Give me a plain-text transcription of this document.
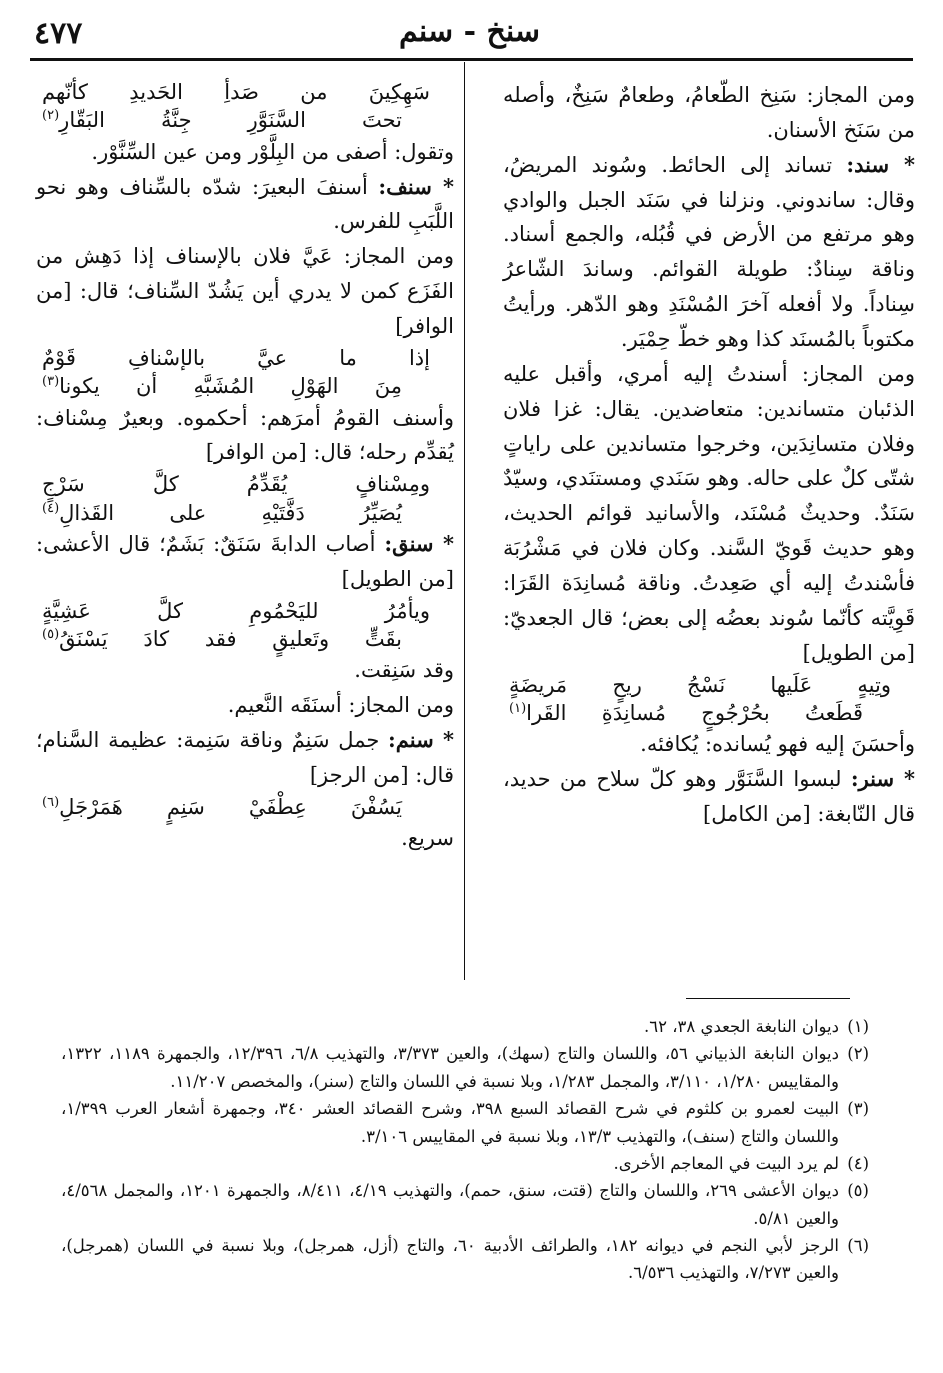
٤٧٧	سنخ - سنم

ومن المجاز: سَنِخ الطّعامُ، وطعامٌ سَنِخٌ، وأصله من سَنَخ الأسنان.

* سند: تساند إلى الحائط. وسُوند المريضُ، وقال: ساندوني. ونزلنا في سَنَد الجبل والوادي وهو مرتفع من الأرض في قُبُله، والجمع أسناد. وناقة سِنادٌ: طويلة القوائم. وساندَ الشّاعرُ سِناداً. ولا أفعله آخرَ المُسْنَدِ وهو الدّهر. ورأيتُ مكتوباً بالمُسنَد كذا وهو خطّ حِمْيَر.

ومن المجاز: أسندتُ إليه أمري، وأقبل عليه الذئبان متساندين: متعاضدين. يقال: غزا فلان وفلان متسانِدَين، وخرجوا متساندين على راياتٍ شتّى كلٌ على حاله. وهو سَنَدي ومستنَدي، وسيّدٌ سَنَدٌ. وحديثٌ مُسْنَد، والأسانيد قوائم الحديث، وهو حديث قَويّ السَّند. وكان فلان في مَشْرُبَة فأسْندتُ إليه أي صَعِدتُ. وناقة مُسانِدَة القَرَا: قَوِيَّته كأنّما سُوند بعضُه إلى بعض؛ قال الجعديّ: [من الطويل]

وتِيهٍ
عَلَيها
نَسْجُ
ريحٍ
مَريضَةٍ
قَطَعتُ
بحُرْجُوجٍ
مُسانِدَةِ
القَرا$^{(١)}$

وأحسَنَ إليه فهو يُسانده: يُكافئه.

* سنر: لبسوا السَّنَوَّر وهو كلّ سلاح من حديد، قال النّابغة: [من الكامل]

سَهِكِينَ
من
صَدأِ
الحَديدِ
كأنّهم
تحتَ
السَّنَوَّرِ
جِنَّةُ
البَقّارِ$^{(٢)}$

وتقول: أصفى من البِلَّوْر ومن عين السِّنَّوْر.

* سنف: أسنفَ البعيرَ: شدّه بالسِّناف وهو نحو اللَّبَبِ للفرس.

ومن المجاز: عَيَّ فلان بالإسناف إذا دَهِش من الفَزَع كمن لا يدري أين يَشُدّ السِّناف؛ قال: [من الوافر]

إذا
ما
عيَّ
بالإسْنافِ
قَوْمٌ
مِنَ
الهَوْلِ
المُشَبَّهِ
أن
يكونا$^{(٣)}$

وأسنف القومُ أمرَهم: أحكموه. وبعيرٌ مِسْناف: يُقدِّم رحله؛ قال: [من الوافر]

ومِسْنافٍ
يُقَدِّمُ
كلَّ
سَرْجٍ
يُصَيِّرُ
دَفَّتَيْهِ
على
القَذالِ$^{(٤)}$

* سنق: أصاب الدابةَ سَنَقٌ: بَشَمٌ؛ قال الأعشى: [من الطويل]

ويأمُرُ
لليَحْمُومِ
كلَّ
عَشِيَّةٍ
بقَتٍّ
وتَعليقٍ
فقد
كادَ
يَسْنَقُ$^{(٥)}$

وقد سَنِقت.

ومن المجاز: أسنَقَه النَّعيم.

* سنم: جمل سَنِمٌ وناقة سَنِمة: عظيمة السَّنام؛ قال: [من الرجز]

يَسُفْنَ
عِطْفَيْ
سَنِمٍ
هَمَرْجَلِ$^{(٦)}$

سريع.

(١)ديوان النابغة الجعدي ٣٨، ٦٢.

(٢)ديوان النابغة الذبياني ٥٦، واللسان والتاج (سهك)، والعين ٣/٣٧٣، والتهذيب ٦/٨، ١٢/٣٩٦، والجمهرة ١١٨٩، ١٣٢٢، والمقاييس ١/٢٨٠، ٣/١١٠، والمجمل ١/٢٨٣، وبلا نسبة في اللسان والتاج (سنر)، والمخصص ١١/٢٠٧.

(٣)البيت لعمرو بن كلثوم في شرح القصائد السبع ٣٩٨، وشرح القصائد العشر ٣٤٠، وجمهرة أشعار العرب ١/٣٩٩، واللسان والتاج (سنف)، والتهذيب ١٣/٣، وبلا نسبة في المقاييس ٣/١٠٦.

(٤)لم يرد البيت في المعاجم الأخرى.

(٥)ديوان الأعشى ٢٦٩، واللسان والتاج (قتت، سنق، حمم)، والتهذيب ٤/١٩، ٨/٤١١، والجمهرة ١٢٠١، والمجمل ٤/٥٦٨، والعين ٥/٨١.

(٦)الرجز لأبي النجم في ديوانه ١٨٢، والطرائف الأدبية ٦٠، والتاج (أزل، همرجل)، وبلا نسبة في اللسان (همرجل)، والعين ٧/٢٧٣، والتهذيب ٦/٥٣٦.
